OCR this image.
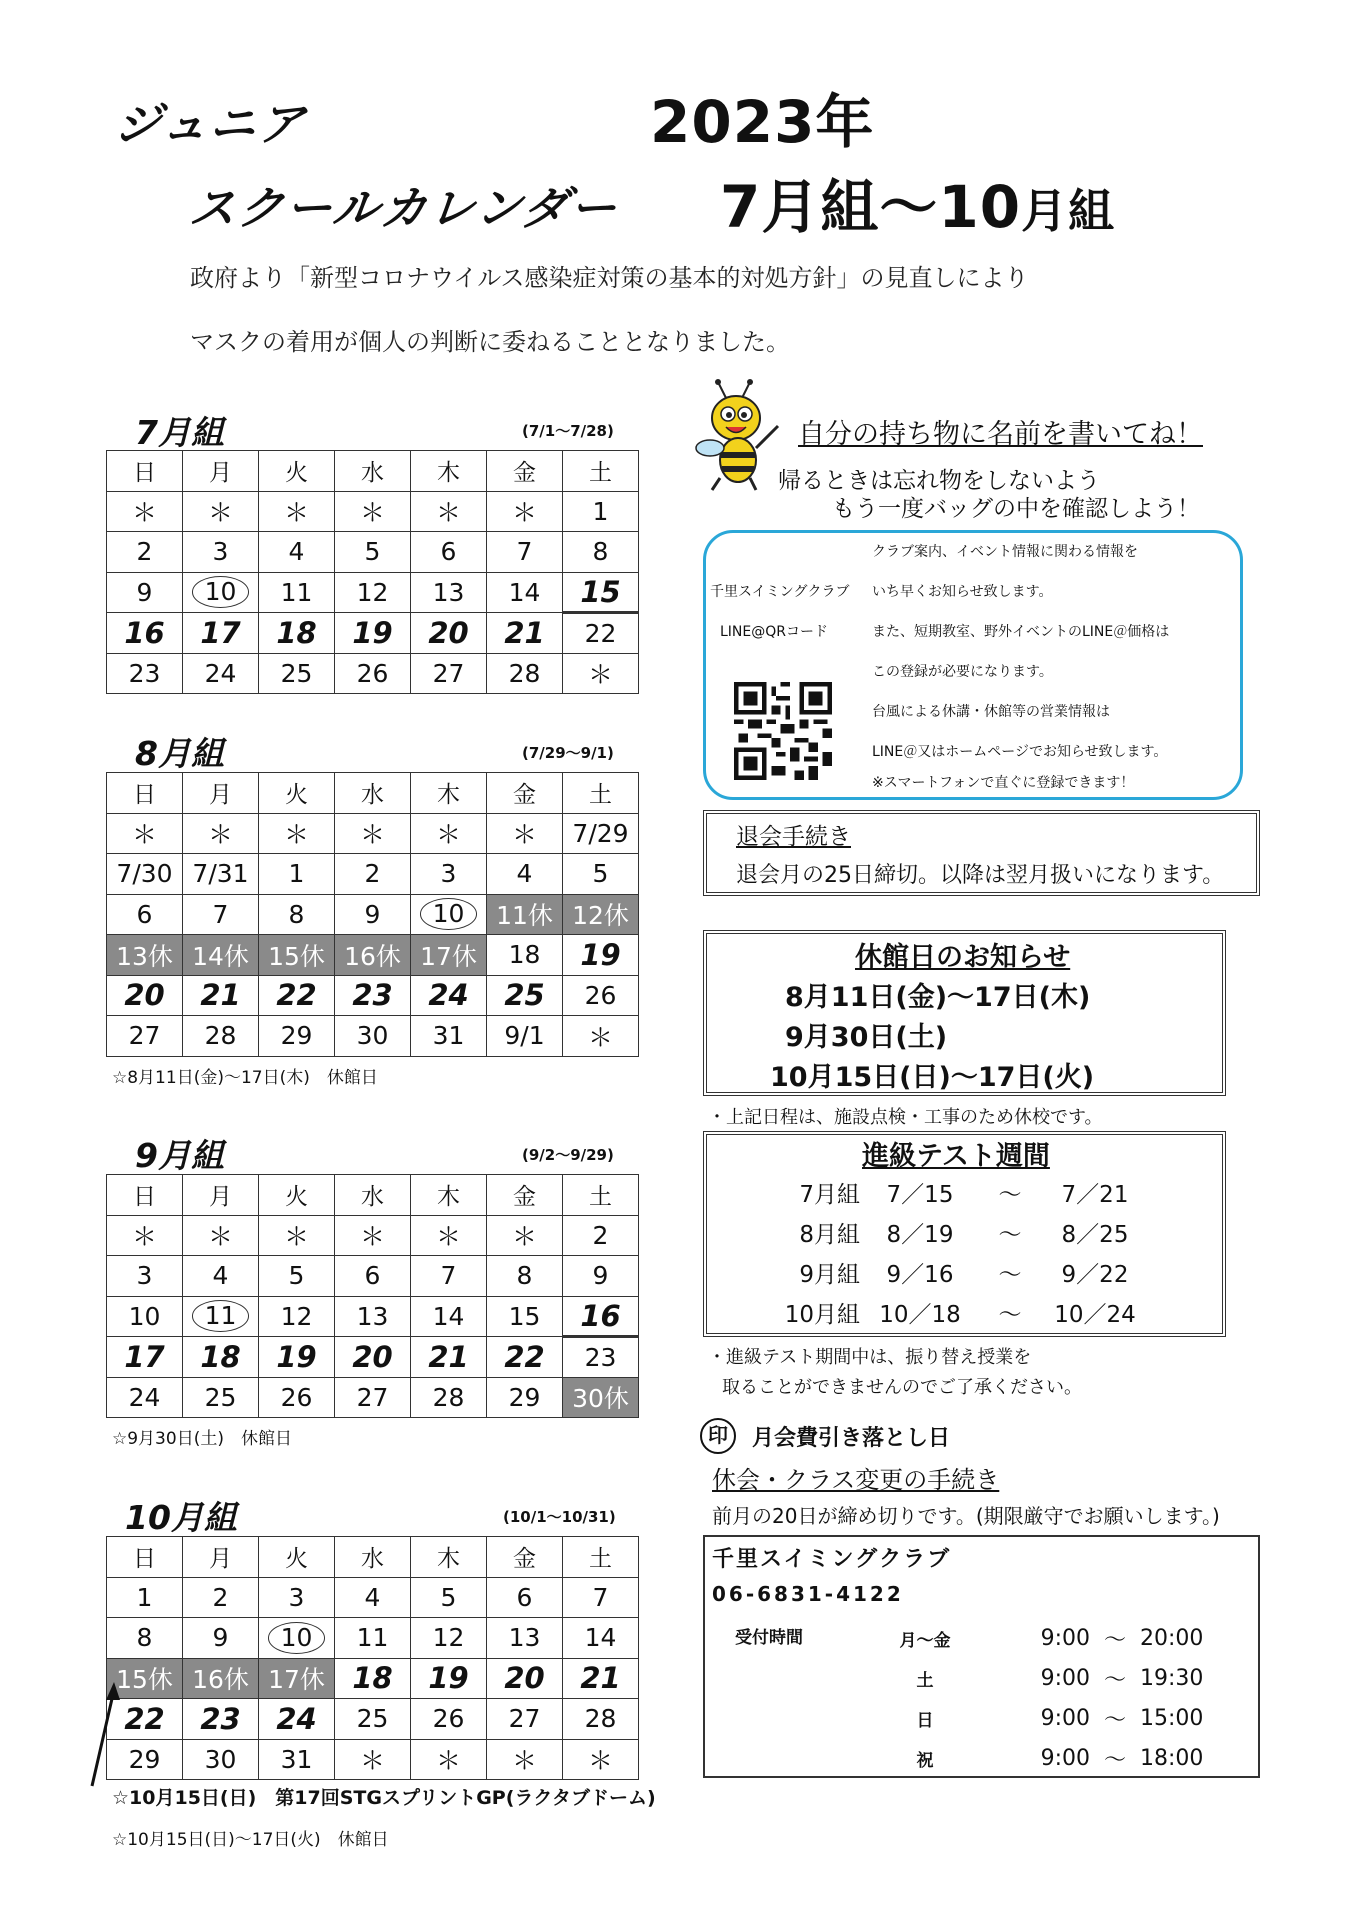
ジュニア
スクールカレンダー
2023年
7月組〜10月組
政府より「新型コロナウイルス感染症対策の基本的対処方針」の見直しにより
マスクの着用が個人の判断に委ねることとなりました。
7月組	(7/1〜7/28)
日	月	火	水	木	金	土
＊	＊	＊	＊	＊	＊	1
2	3	4	5	6	7	8
9	10	11	12	13	14	15
16	17	18	19	20	21	22
23	24	25	26	27	28	＊
8月組	(7/29〜9/1)
日	月	火	水	木	金	土
＊	＊	＊	＊	＊	＊	7/29
7/30	7/31	1	2	3	4	5
6	7	8	9	10	11休	12休
13休	14休	15休	16休	17休	18	19
20	21	22	23	24	25	26
27	28	29	30	31	9/1	＊
☆8月11日(金)〜17日(木)　休館日
9月組	(9/2〜9/29)
日	月	火	水	木	金	土
＊	＊	＊	＊	＊	＊	2
3	4	5	6	7	8	9
10	11	12	13	14	15	16
17	18	19	20	21	22	23
24	25	26	27	28	29	30休
☆9月30日(土)　休館日
10月組	(10/1〜10/31)
日	月	火	水	木	金	土
1	2	3	4	5	6	7
8	9	10	11	12	13	14
15休	16休	17休	18	19	20	21
22	23	24	25	26	27	28
29	30	31	＊	＊	＊	＊
☆10月15日(日)　第17回STGスプリントGP(ラクタブドーム)
☆10月15日(日)〜17日(火)　休館日
自分の持ち物に名前を書いてね！
帰るときは忘れ物をしないよう
もう一度バッグの中を確認しよう！
千里スイミングクラブ
LINE@QRコード
クラブ案内、イベント情報に関わる情報を
いち早くお知らせ致します。
また、短期教室、野外イベントのLINE＠価格は
この登録が必要になります。
台風による休講・休館等の営業情報は
LINE＠又はホームページでお知らせ致します。
※スマートフォンで直ぐに登録できます！
退会手続き
退会月の25日締切。以降は翌月扱いになります。
休館日のお知らせ
8月11日(金)〜17日(木)
9月30日(土)
10月15日(日)〜17日(火)
・上記日程は、施設点検・工事のため休校です。
進級テスト週間
7月組	7／15	〜	7／21
8月組	8／19	〜	8／25
9月組	9／16	〜	9／22
10月組	10／18	〜	10／24
・進級テスト期間中は、振り替え授業を
取ることができませんのでご了承ください。
印	月会費引き落とし日
休会・クラス変更の手続き
前月の20日が締め切りです。(期限厳守でお願いします。)
千里スイミングクラブ
06-6831-4122
受付時間	月〜金	9:00	〜	20:00
土	9:00	〜	19:30
日	9:00	〜	15:00
祝	9:00	〜	18:00
